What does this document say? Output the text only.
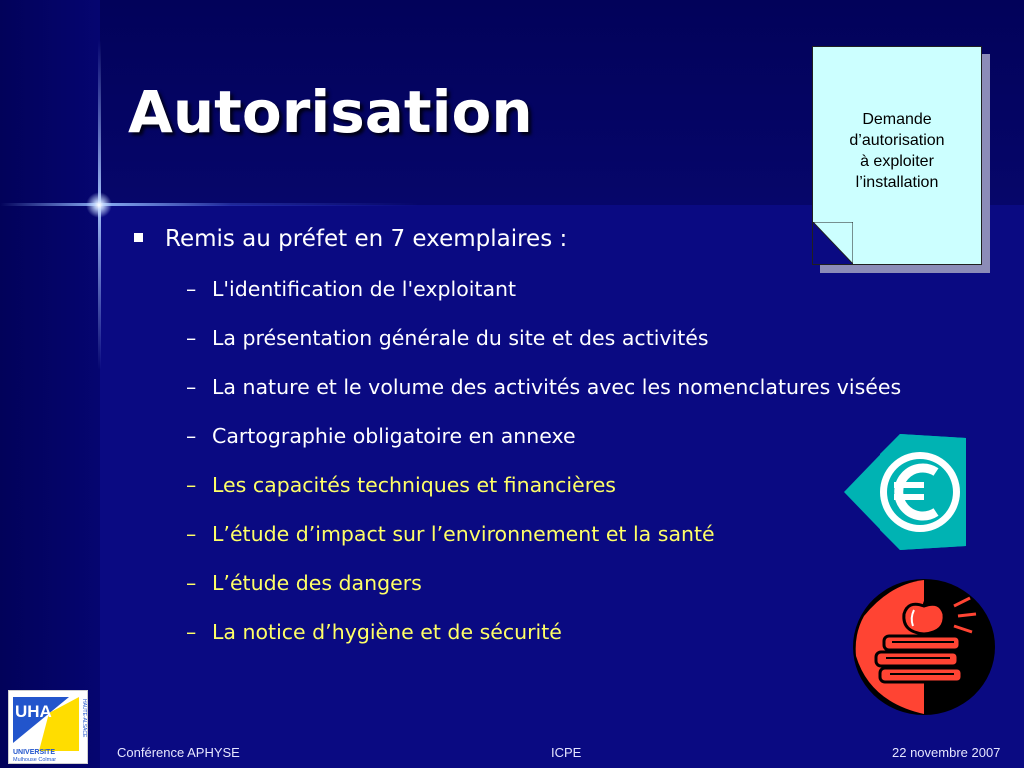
Autorisation	Demande
d’autorisation
à exploiter
l’installation
Remis au préfet en 7 exemplaires :
– L'identification de l'exploitant
– La présentation générale du site et des activités
– La nature et le volume des activités avec les nomenclatures visées
– Cartographie obligatoire en annexe
– Les capacités techniques et financières
– L’étude d’impact sur l’environnement et la santé
– L’étude des dangers
– La notice d’hygiène et de sécurité
UHA
UNIVERSITE
Mulhouse Colmar
HAUTE-ALSACE
Conférence APHYSE	ICPE	22 novembre 2007
